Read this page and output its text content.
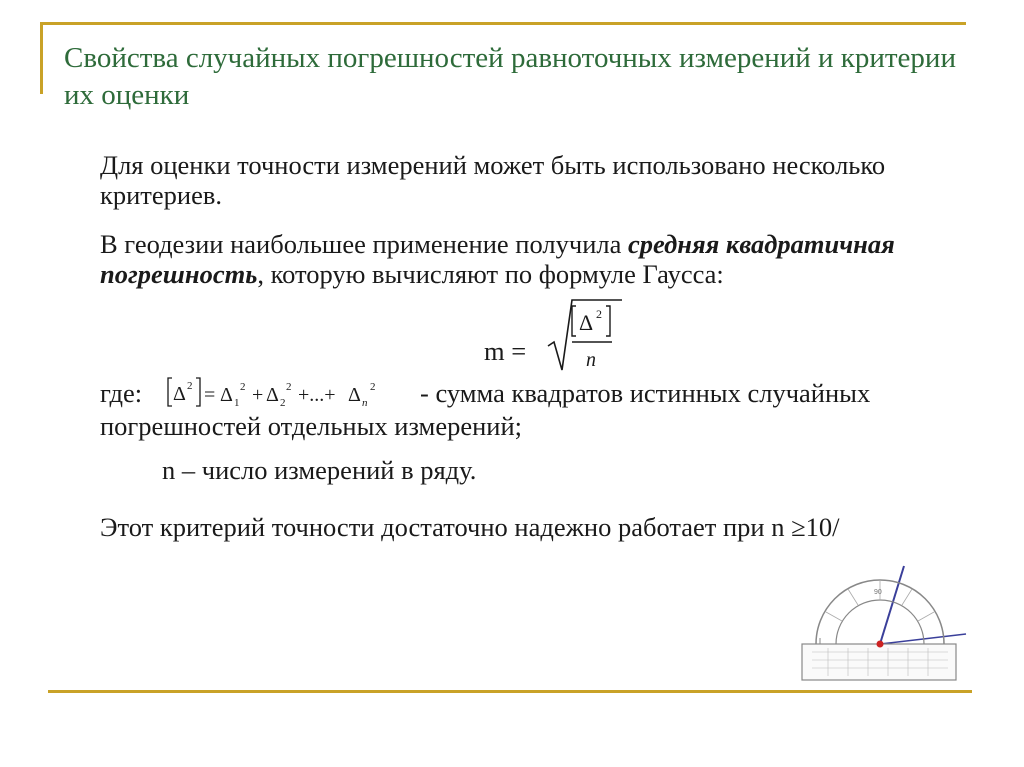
Свойства случайных погрешностей равноточных измерений и критерии их оценки
Для оценки точности измерений может быть использовано несколько критериев.
В геодезии наибольшее применение получила средняя квадратичная погрешность, которую вычисляют по формуле Гаусса:
m =
Δ 2
n
где: Δ 2 = Δ 1
2 + Δ 2
2 +...+ Δ n
2 - сумма квадратов истинных случайных
погрешностей отдельных измерений;
n – число измерений в ряду.
Этот критерий точности достаточно надежно работает при n ≥10/
90
